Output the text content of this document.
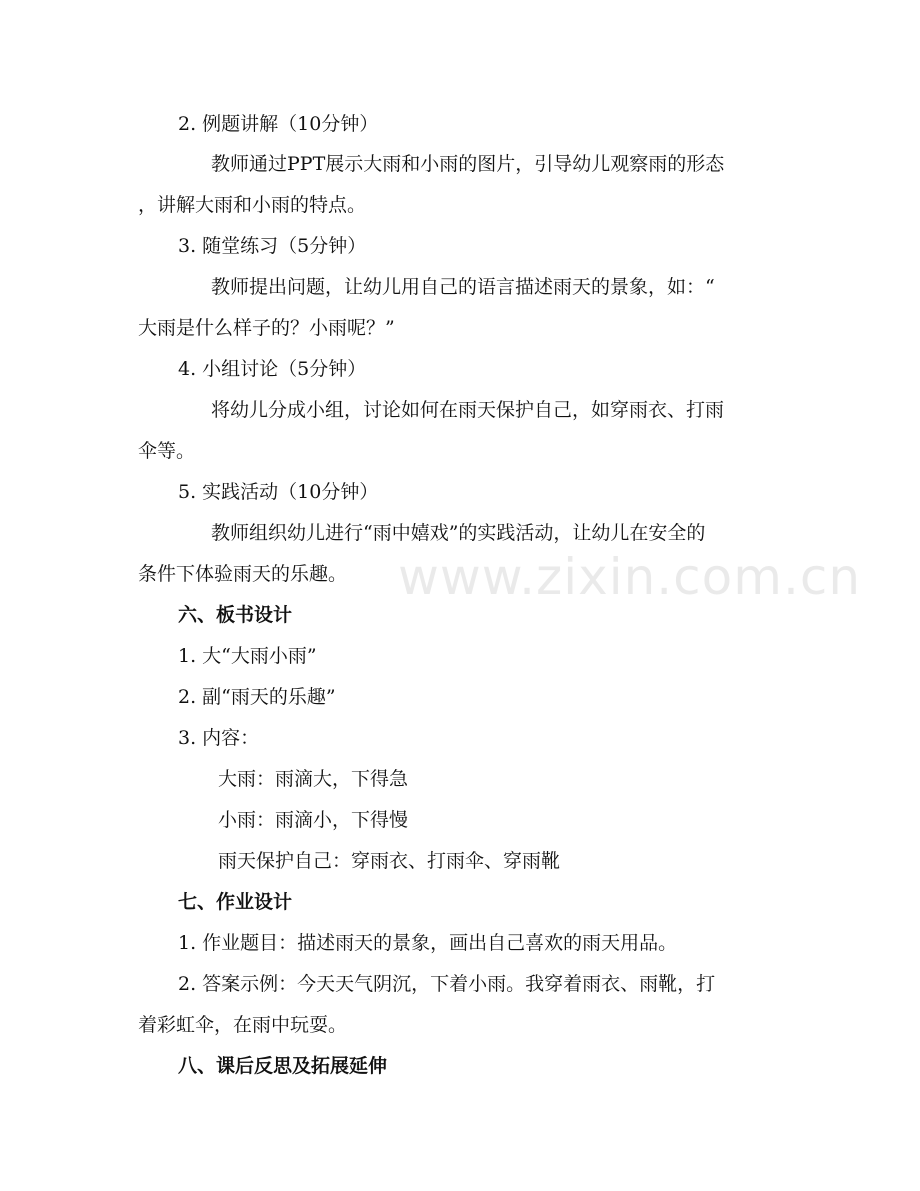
2. 例题讲解（10分钟）
教师通过PPT展示大雨和小雨的图片，引导幼儿观察雨的形态
，讲解大雨和小雨的特点。
3. 随堂练习（5分钟）
教师提出问题，让幼儿用自己的语言描述雨天的景象，如：“
大雨是什么样子的？小雨呢？”
4. 小组讨论（5分钟）
将幼儿分成小组，讨论如何在雨天保护自己，如穿雨衣、打雨
伞等。
5. 实践活动（10分钟）
教师组织幼儿进行“雨中嬉戏”的实践活动，让幼儿在安全的
条件下体验雨天的乐趣。 www.zixin.com.cn
六、板书设计
1. 大“大雨小雨”
2. 副“雨天的乐趣”
3. 内容：
大雨：雨滴大，下得急
小雨：雨滴小，下得慢
雨天保护自己：穿雨衣、打雨伞、穿雨靴
七、作业设计
1. 作业题目：描述雨天的景象，画出自己喜欢的雨天用品。
2. 答案示例：今天天气阴沉，下着小雨。我穿着雨衣、雨靴，打
着彩虹伞，在雨中玩耍。
八、课后反思及拓展延伸
